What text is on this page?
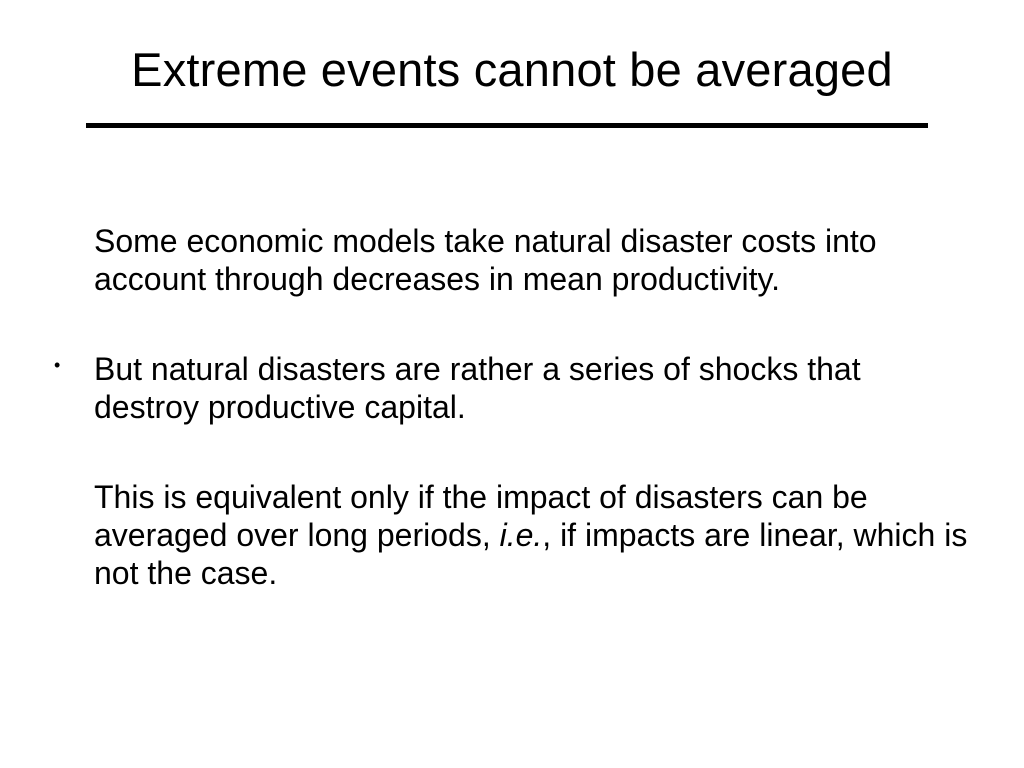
Extreme events cannot be averaged

Some economic models take natural disaster costs into account through decreases in mean productivity.

• But natural disasters are rather a series of shocks that destroy productive capital.

This is equivalent only if the impact of disasters can be averaged over long periods, i.e., if impacts are linear, which is not the case.
